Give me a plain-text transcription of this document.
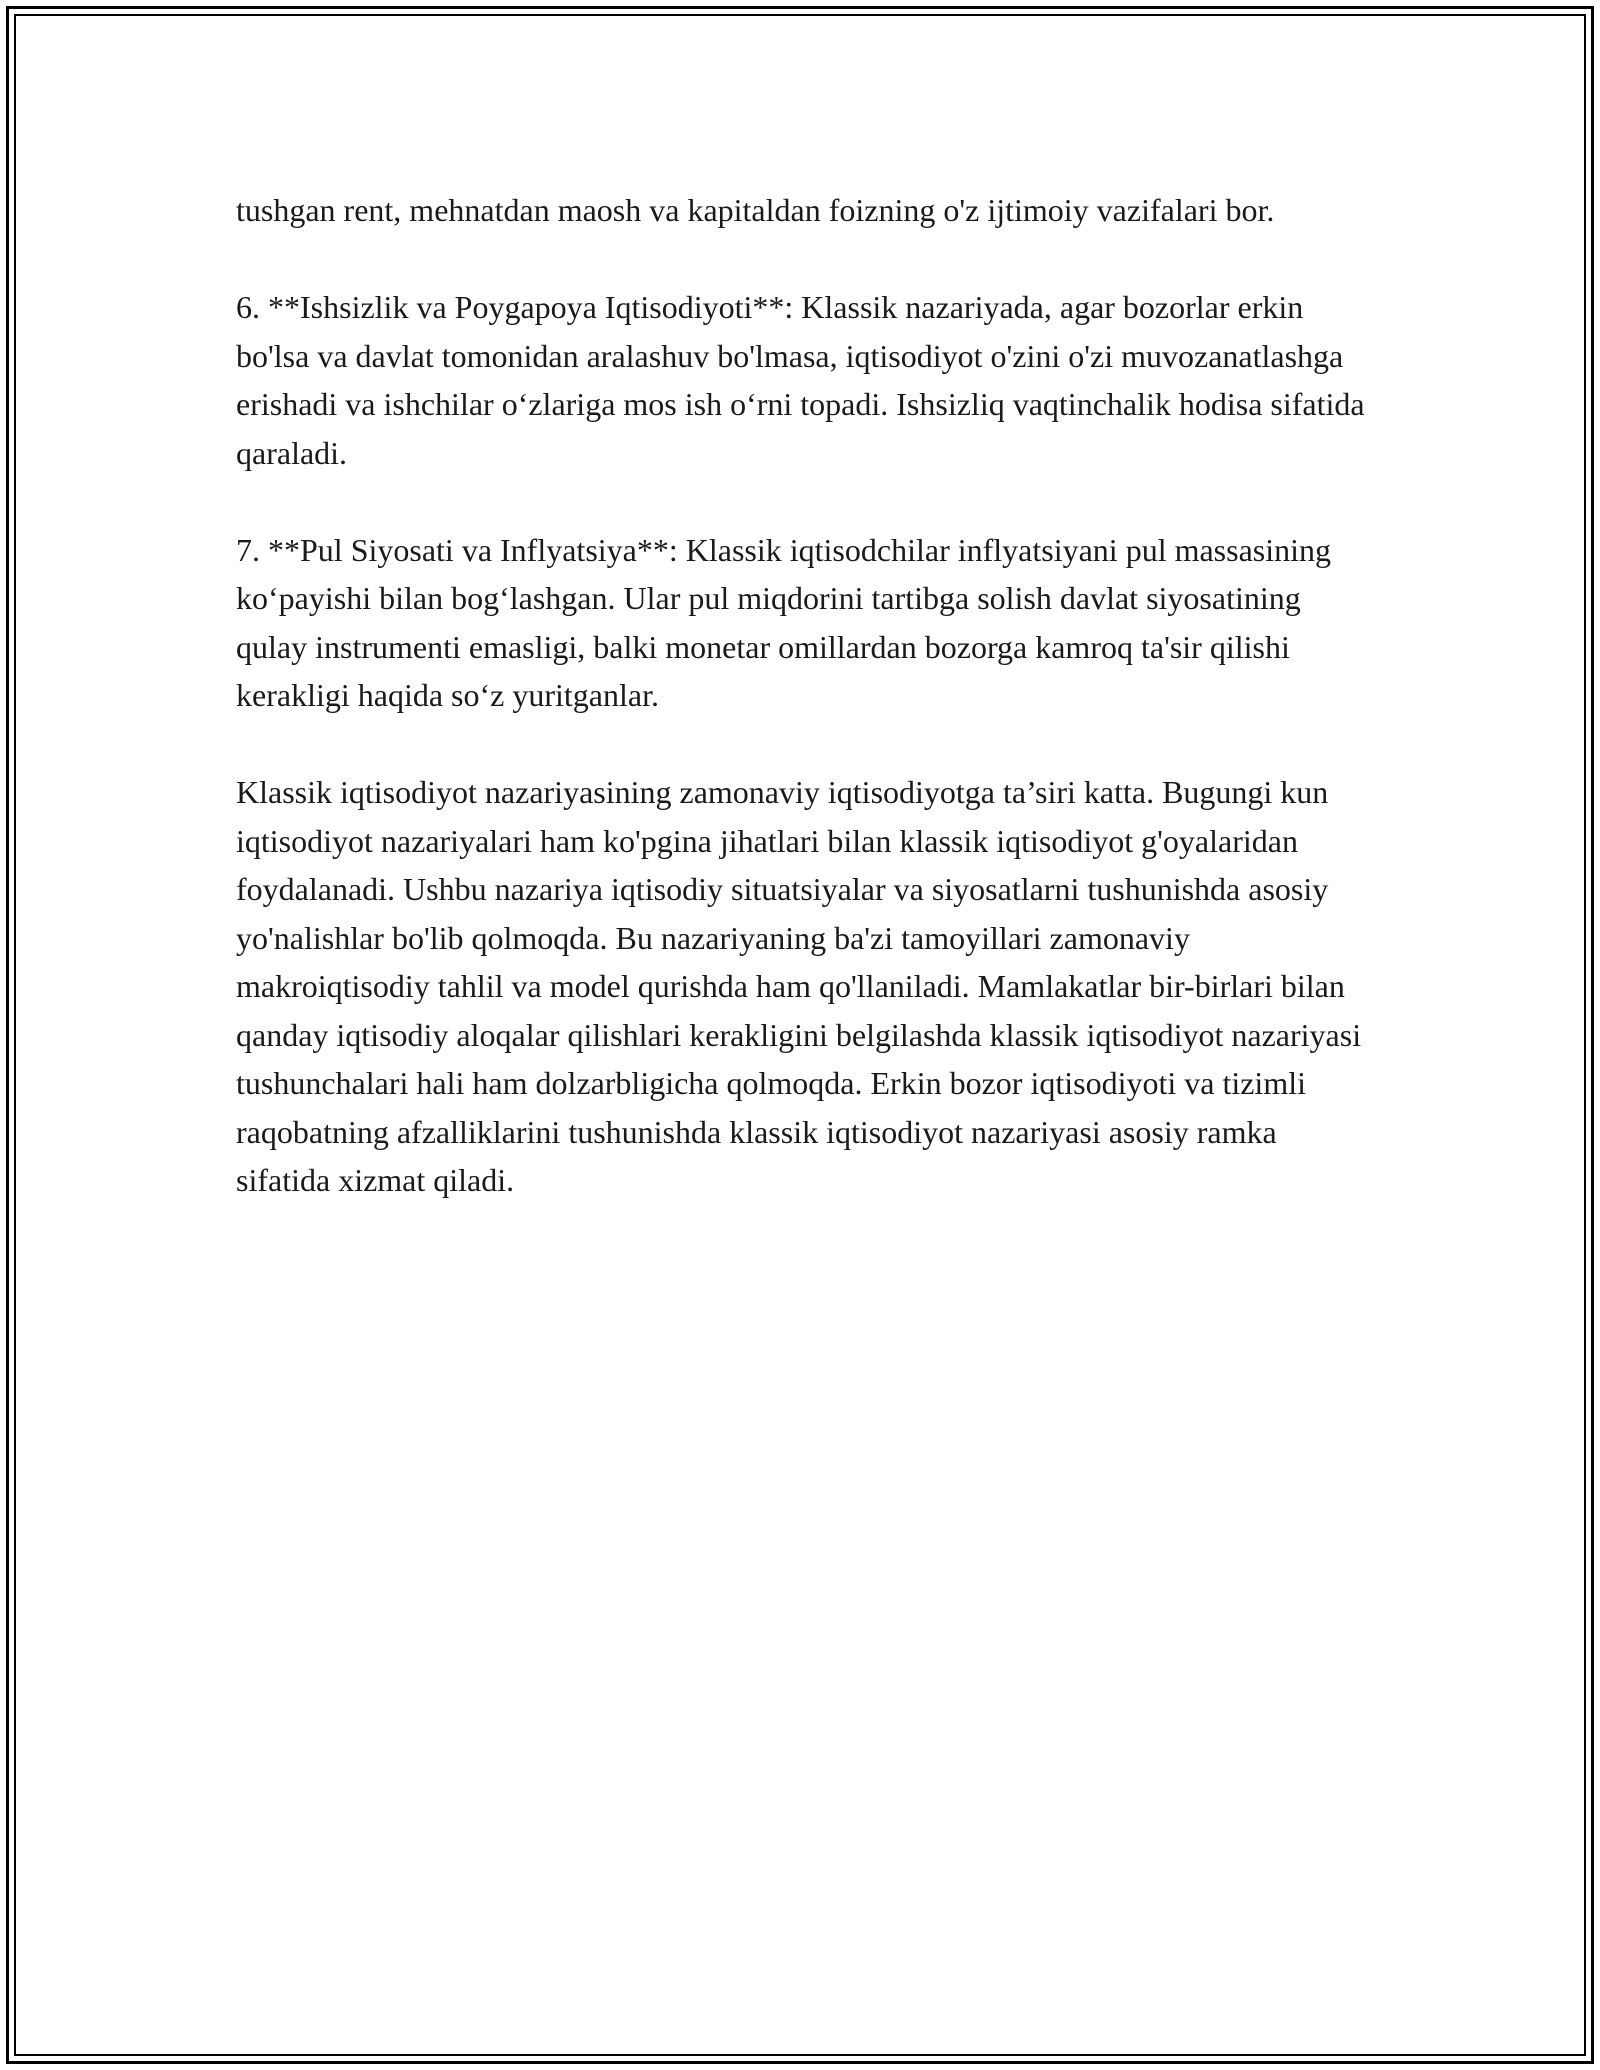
tushgan rent, mehnatdan maosh va kapitaldan foizning o'z ijtimoiy vazifalari bor.

6. **Ishsizlik va Poygapoya Iqtisodiyoti**: Klassik nazariyada, agar bozorlar erkin bo'lsa va davlat tomonidan aralashuv bo'lmasa, iqtisodiyot o'zini o'zi muvozanatlashga erishadi va ishchilar o‘zlariga mos ish o‘rni topadi. Ishsizliq vaqtinchalik hodisa sifatida qaraladi.

7. **Pul Siyosati va Inflyatsiya**: Klassik iqtisodchilar inflyatsiyani pul massasining ko‘payishi bilan bog‘lashgan. Ular pul miqdorini tartibga solish davlat siyosatining qulay instrumenti emasligi, balki monetar omillardan bozorga kamroq ta'sir qilishi kerakligi haqida so‘z yuritganlar.

Klassik iqtisodiyot nazariyasining zamonaviy iqtisodiyotga ta’siri katta. Bugungi kun iqtisodiyot nazariyalari ham ko'pgina jihatlari bilan klassik iqtisodiyot g'oyalaridan foydalanadi. Ushbu nazariya iqtisodiy situatsiyalar va siyosatlarni tushunishda asosiy yo'nalishlar bo'lib qolmoqda. Bu nazariyaning ba'zi tamoyillari zamonaviy makroiqtisodiy tahlil va model qurishda ham qo'llaniladi. Mamlakatlar bir-birlari bilan qanday iqtisodiy aloqalar qilishlari kerakligini belgilashda klassik iqtisodiyot nazariyasi tushunchalari hali ham dolzarbligicha qolmoqda. Erkin bozor iqtisodiyoti va tizimli raqobatning afzalliklarini tushunishda klassik iqtisodiyot nazariyasi asosiy ramka sifatida xizmat qiladi.
